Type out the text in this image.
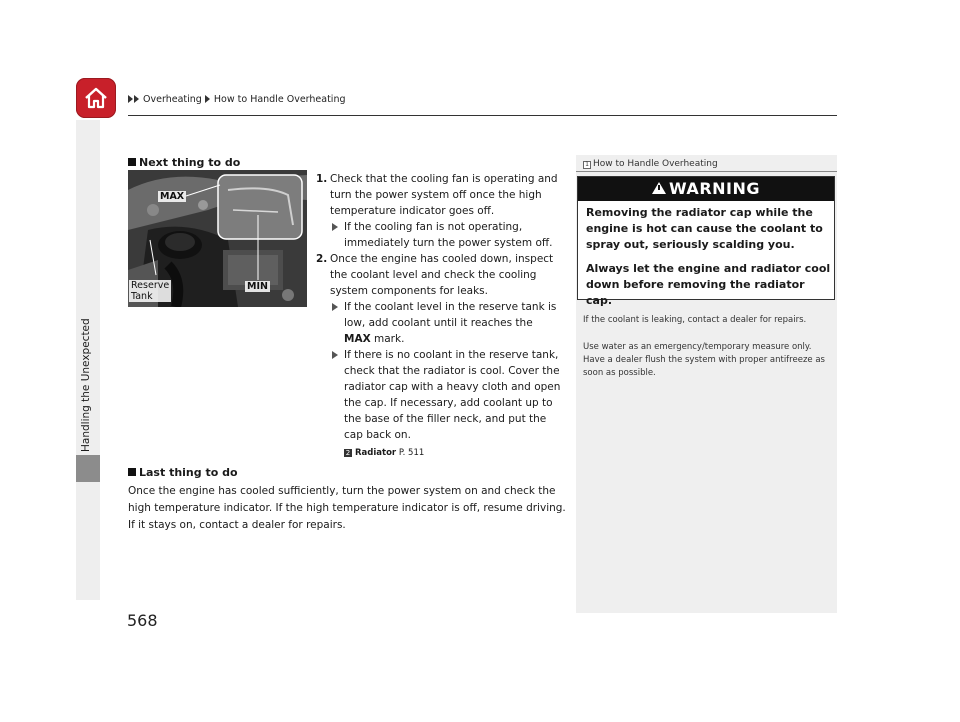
Overheating How to Handle Overheating
Handling the Unexpected
Next thing to do
MAX
MIN
Reserve
Tank
1. Check that the cooling fan is operating and turn the power system off once the high temperature indicator goes off.
If the cooling fan is not operating, immediately turn the power system off.
2. Once the engine has cooled down, inspect the coolant level and check the cooling system components for leaks.
If the coolant level in the reserve tank is low, add coolant until it reaches the
MAX mark.
If there is no coolant in the reserve tank, check that the radiator is cool. Cover the radiator cap with a heavy cloth and open the cap. If necessary, add coolant up to the base of the filler neck, and put the cap back on.
2 Radiator P. 511
Last thing to do
Once the engine has cooled sufficiently, turn the power system on and check the high temperature indicator. If the high temperature indicator is off, resume driving. If it stays on, contact a dealer for repairs.
1 How to Handle Overheating
WARNING
Removing the radiator cap while the engine is hot can cause the coolant to spray out, seriously scalding you.
Always let the engine and radiator cool down before removing the radiator cap.
If the coolant is leaking, contact a dealer for repairs.
Use water as an emergency/temporary measure only. Have a dealer flush the system with proper antifreeze as soon as possible.
568
